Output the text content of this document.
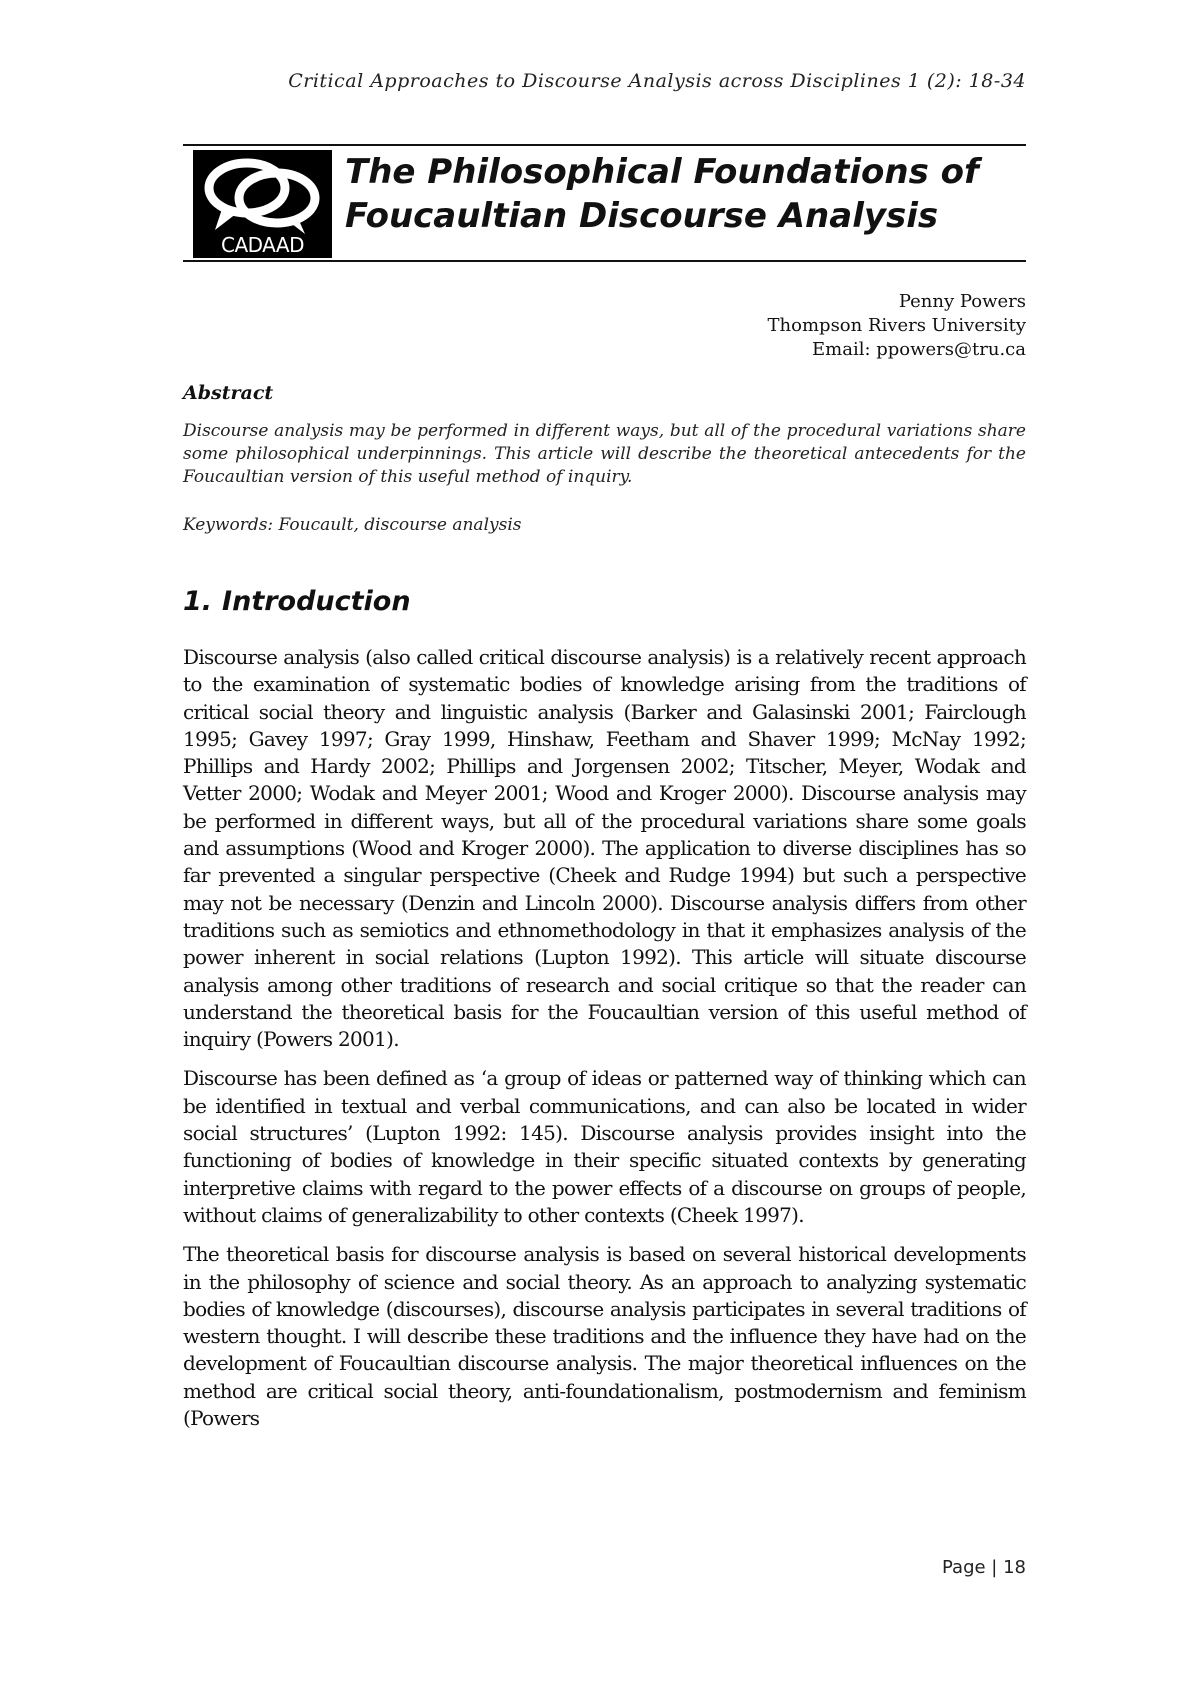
Critical Approaches to Discourse Analysis across Disciplines 1 (2): 18-34
CADAAD
The Philosophical Foundations of
Foucaultian Discourse Analysis
Penny Powers
Thompson Rivers University
Email: ppowers@tru.ca
Abstract
Discourse analysis may be performed in different ways, but all of the procedural variations share some philosophical underpinnings. This article will describe the theoretical antecedents for the Foucaultian version of this useful method of inquiry.
Keywords: Foucault, discourse analysis
1. Introduction

Discourse analysis (also called critical discourse analysis) is a relatively recent approach to the examination of systematic bodies of knowledge arising from the traditions of critical social theory and linguistic analysis (Barker and Galasinski 2001; Fairclough 1995; Gavey 1997; Gray 1999, Hinshaw, Feetham and Shaver 1999; McNay 1992; Phillips and Hardy 2002; Phillips and Jorgensen 2002; Titscher, Meyer, Wodak and Vetter 2000; Wodak and Meyer 2001; Wood and Kroger 2000). Discourse analysis may be performed in different ways, but all of the procedural variations share some goals and assumptions (Wood and Kroger 2000). The application to diverse disciplines has so far prevented a singular perspective (Cheek and Rudge 1994) but such a perspective may not be necessary (Denzin and Lincoln 2000). Discourse analysis differs from other traditions such as semiotics and ethnomethodology in that it emphasizes analysis of the power inherent in social relations (Lupton 1992). This article will situate discourse analysis among other traditions of research and social critique so that the reader can understand the theoretical basis for the Foucaultian version of this useful method of inquiry (Powers 2001).

Discourse has been defined as ‘a group of ideas or patterned way of thinking which can be identified in textual and verbal communications, and can also be located in wider social structures’ (Lupton 1992: 145). Discourse analysis provides insight into the functioning of bodies of knowledge in their specific situated contexts by generating interpretive claims with regard to the power effects of a discourse on groups of people, without claims of generalizability to other contexts (Cheek 1997).

The theoretical basis for discourse analysis is based on several historical developments in the philosophy of science and social theory. As an approach to analyzing systematic bodies of knowledge (discourses), discourse analysis participates in several traditions of western thought. I will describe these traditions and the influence they have had on the development of Foucaultian discourse analysis. The major theoretical influences on the method are critical social theory, anti-foundationalism, postmodernism and feminism (Powers

Page | 18
